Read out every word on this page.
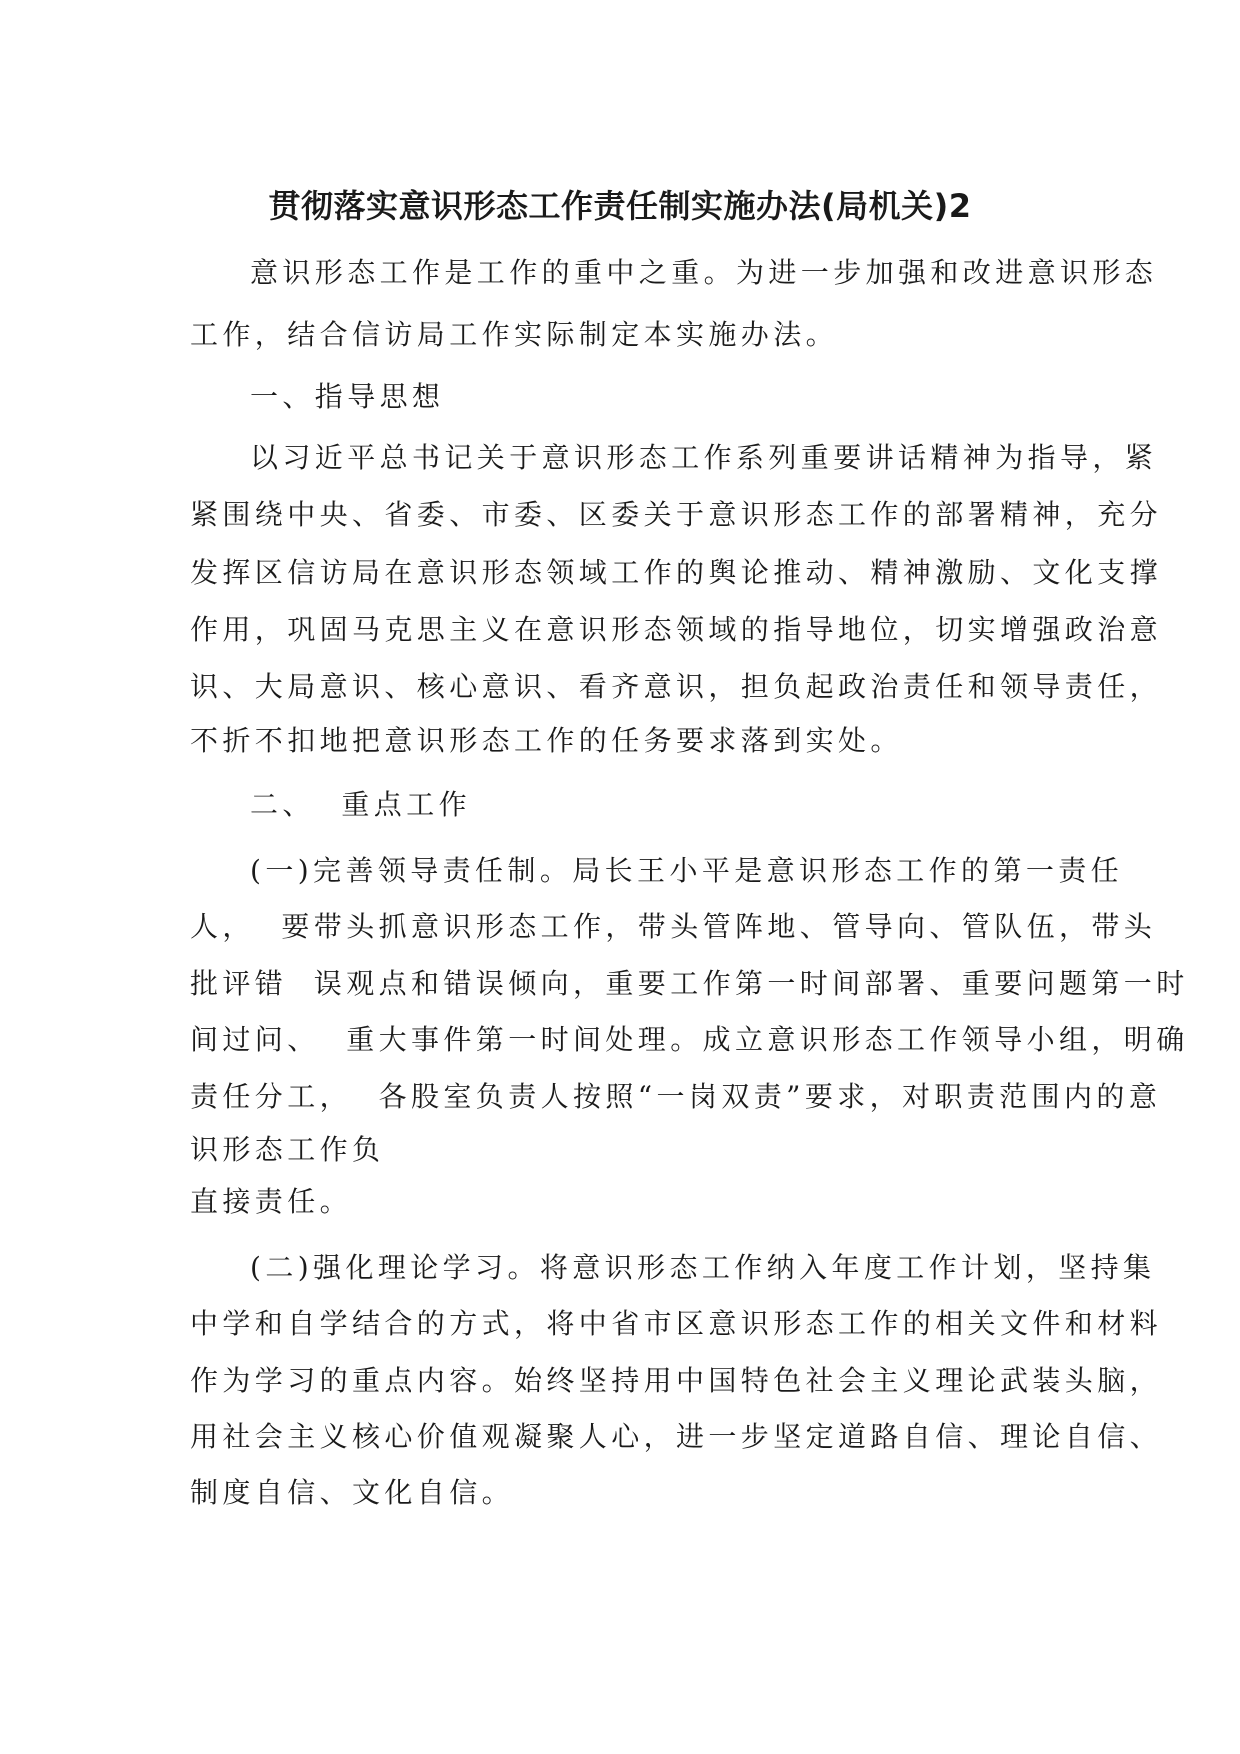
贯彻落实意识形态工作责任制实施办法(局机关)2

意识形态工作是工作的重中之重。为进一步加强和改进意识形态

工作，结合信访局工作实际制定本实施办法。

一、指导思想

以习近平总书记关于意识形态工作系列重要讲话精神为指导，紧

紧围绕中央、省委、市委、区委关于意识形态工作的部署精神，充分

发挥区信访局在意识形态领域工作的舆论推动、精神激励、文化支撑

作用，巩固马克思主义在意识形态领域的指导地位，切实增强政治意

识、大局意识、核心意识、看齐意识，担负起政治责任和领导责任，

不折不扣地把意识形态工作的任务要求落到实处。

二、  重点工作

(一)完善领导责任制。局长王小平是意识形态工作的第一责任

人，  要带头抓意识形态工作，带头管阵地、管导向、管队伍，带头

批评错  误观点和错误倾向，重要工作第一时间部署、重要问题第一时

间过问、  重大事件第一时间处理。成立意识形态工作领导小组，明确

责任分工，  各股室负责人按照“一岗双责”要求，对职责范围内的意

识形态工作负

直接责任。

(二)强化理论学习。将意识形态工作纳入年度工作计划，坚持集

中学和自学结合的方式，将中省市区意识形态工作的相关文件和材料

作为学习的重点内容。始终坚持用中国特色社会主义理论武装头脑，

用社会主义核心价值观凝聚人心，进一步坚定道路自信、理论自信、

制度自信、文化自信。
